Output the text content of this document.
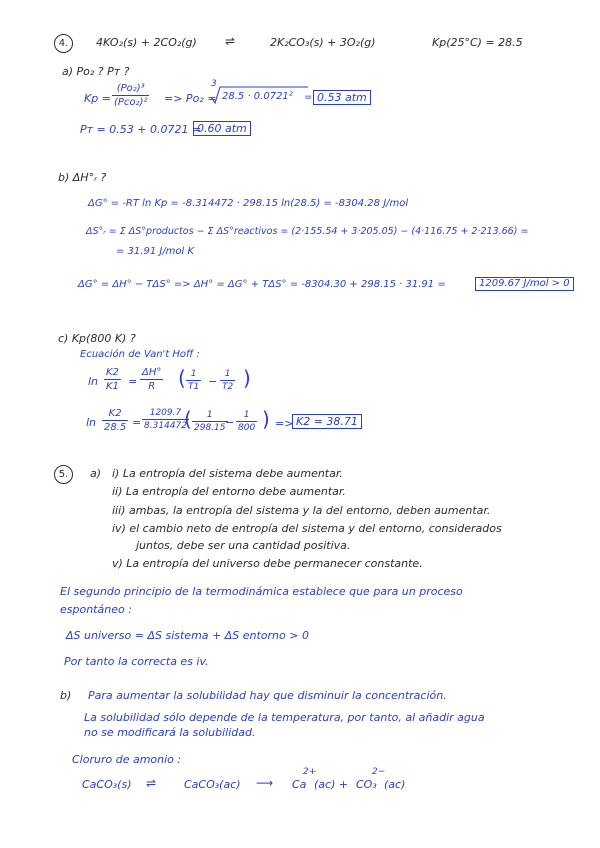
4.	4KO₂(s) + 2CO₂(g) ⇌	2K₂CO₃(s) + 3O₂(g)	Kp(25°C) = 28.5
a) Po₂ ? Pᴛ ?
Kp =
(Po₂)³
(Pco₂)² => Po₂ =
3
28.5 · 0.0721² = 0.53 atm
Pᴛ = 0.53 + 0.0721 =
0.60 atm
b) ΔH°ᵣ ?
ΔG° = -RT ln Kp = -8.314472 · 298.15 ln(28.5) = -8304.28 J/mol
ΔS°ᵣ = Σ ΔS°productos − Σ ΔS°reactivos = (2·155.54 + 3·205.05) − (4·116.75 + 2·213.66) =
= 31.91 J/mol K
ΔG° = ΔH° − TΔS° => ΔH° = ΔG° + TΔS° = -8304.30 + 298.15 · 31.91 =	1209.67 J/mol > 0
c) Kp(800 K) ?
Ecuación de Van't Hoff :
$\ln \frac{K2}{K1} = \frac{\Delta H^\circ}{R}$ ( $\frac{1}{T1} - \frac{1}{T2}$ )
$\ln \frac{K2}{28.5} = \frac{1209.7}{8.314472}$
( $\frac{1}{298.15}$
− $\frac{1}{800}$ ) => K2 = 38.71
5.	a) i) La entropía del sistema debe aumentar.
ii) La entropía del entorno debe aumentar.
iii) ambas, la entropía del sistema y la del entorno, deben aumentar.
iv) el cambio neto de entropía del sistema y del entorno, considerados
juntos, debe ser una cantidad positiva.
v) La entropía del universo debe permanecer constante.
El segundo principio de la termodinámica establece que para un proceso
espontáneo :
ΔS universo = ΔS sistema + ΔS entorno > 0
Por tanto la correcta es iv.
b) Para aumentar la solubilidad hay que disminuir la concentración.
La solubilidad sólo depende de la temperatura, por tanto, al añadir agua
no se modificará la solubilidad.
Cloruro de amonio :
CaCO₃(s) ⇌	CaCO₃(ac) ⟶ Ca
2+
(ac) + CO₃
2−
(ac)
